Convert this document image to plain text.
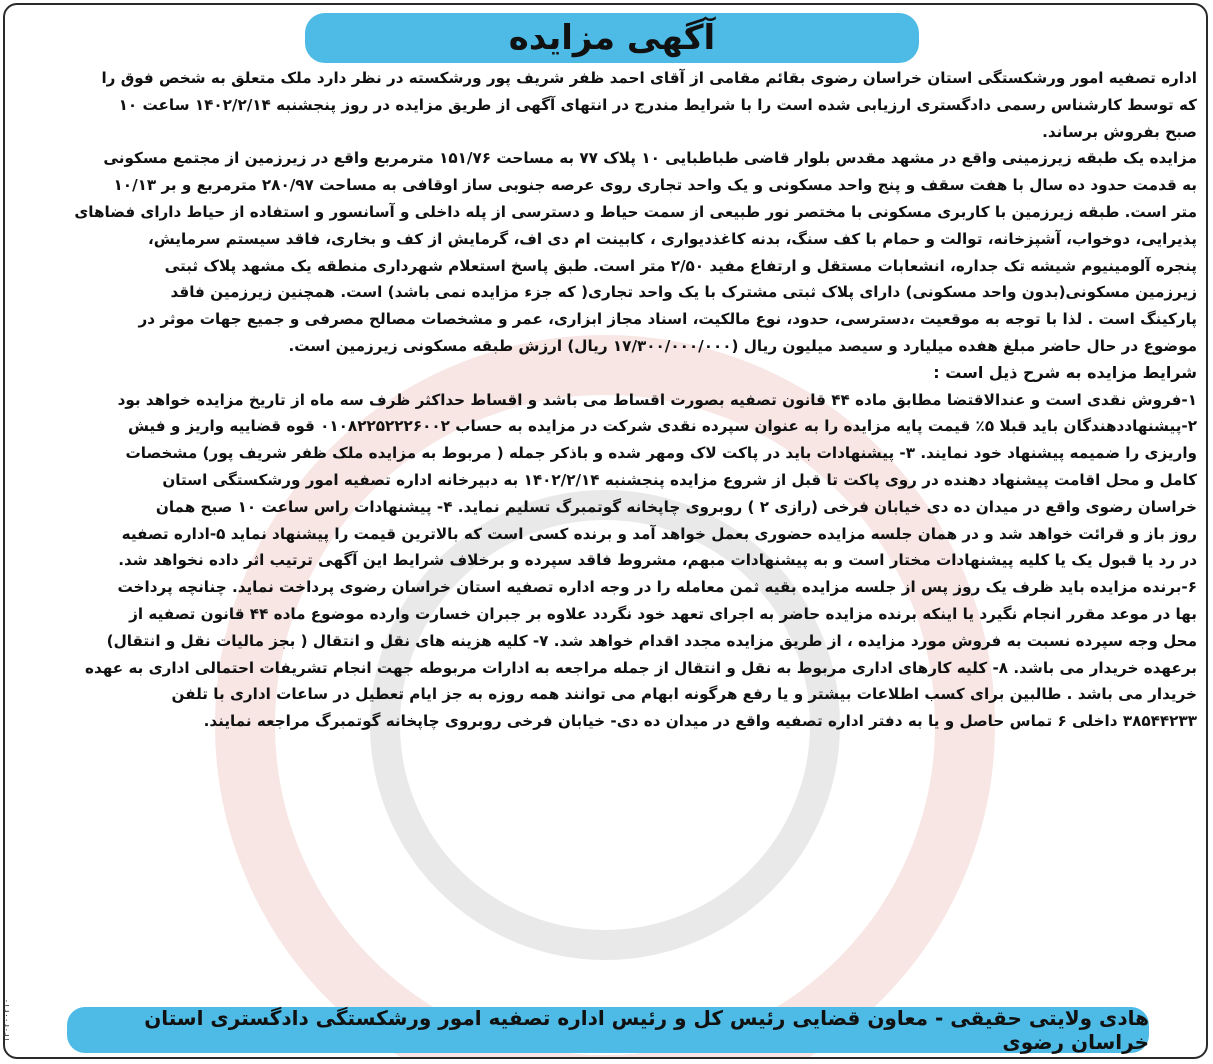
آگهی مزایده
اداره تصفیه امور ورشکستگی استان خراسان رضوی بقائم مقامی از آقای احمد ظفر شریف پور ورشکسته در نظر دارد ملک متعلق به شخص فوق را
که توسط کارشناس رسمی دادگستری ارزیابی شده است را با شرایط مندرج در انتهای آگهی از طریق مزایده در روز پنجشنبه ۱۴۰۲/۲/۱۴ ساعت ۱۰
صبح بفروش برساند.
مزایده یک طبقه زیرزمینی واقع در مشهد مقدس بلوار قاضی طباطبایی ۱۰ پلاک ۷۷ به مساحت ۱۵۱/۷۶ مترمربع واقع در زیرزمین از مجتمع مسکونی
به قدمت حدود ده سال با هفت سقف و پنج واحد مسکونی و یک واحد تجاری روی عرصه جنوبی ساز اوقافی به مساحت ۲۸۰/۹۷ مترمربع و بر ۱۰/۱۳
متر است. طبقه زیرزمین با کاربری مسکونی با مختصر نور طبیعی از سمت حیاط و دسترسی از پله داخلی و آسانسور و استفاده از حیاط دارای فضاهای
پذیرایی، دوخواب، آشپزخانه، توالت و حمام با کف سنگ، بدنه کاغذدیواری ، کابینت ام دی اف، گرمایش از کف و بخاری، فاقد سیستم سرمایش،
پنجره آلومینیوم شیشه تک جداره، انشعابات مستقل و ارتفاع مفید ۲/۵۰ متر است. طبق پاسخ استعلام شهرداری منطقه یک مشهد پلاک ثبتی
زیرزمین مسکونی(بدون واحد مسکونی) دارای پلاک ثبتی مشترک با یک واحد تجاری( که جزء مزایده نمی باشد) است. همچنین زیرزمین فاقد
پارکینگ است . لذا با توجه به موقعیت ،دسترسی، حدود، نوع مالکیت، اسناد مجاز ابزاری، عمر و مشخصات مصالح مصرفی و جمیع جهات موثر در
موضوع در حال حاضر مبلغ هفده میلیارد و سیصد میلیون ریال (۱۷/۳۰۰/۰۰۰/۰۰۰ ریال) ارزش طبقه مسکونی زیرزمین است.
شرایط مزایده به شرح ذیل است :
۱-فروش نقدی است و عندالاقتضا مطابق ماده ۴۴ قانون تصفیه بصورت اقساط می باشد و اقساط حداکثر ظرف سه ماه از تاریخ مزایده خواهد بود
۲-پیشنهاددهندگان باید قبلا ۵٪ قیمت پایه مزایده را به عنوان سپرده نقدی شرکت در مزایده به حساب ۰۱۰۸۲۲۵۲۲۲۶۰۰۲ قوه قضاییه واریز و فیش
واریزی را ضمیمه پیشنهاد خود نمایند. ۳- پیشنهادات باید در پاکت لاک ومهر شده و باذکر جمله ( مربوط به مزایده ملک ظفر شریف پور) مشخصات
کامل و محل اقامت پیشنهاد دهنده در روی پاکت تا قبل از شروع مزایده پنجشنبه ۱۴۰۲/۲/۱۴ به دبیرخانه اداره تصفیه امور ورشکستگی استان
خراسان رضوی واقع در میدان ده دی خیابان فرخی (رازی ۲ ) روبروی چاپخانه گوتمبرگ تسلیم نماید. ۴- پیشنهادات راس ساعت ۱۰ صبح همان
روز باز و قرائت خواهد شد و در همان جلسه مزایده حضوری بعمل خواهد آمد و برنده کسی است که بالاترین قیمت را پیشنهاد نماید ۵-اداره تصفیه
در رد یا قبول یک یا کلیه پیشنهادات مختار است و به پیشنهادات مبهم، مشروط فاقد سپرده و برخلاف شرایط این آگهی ترتیب اثر داده نخواهد شد.
۶-برنده مزایده باید ظرف یک روز پس از جلسه مزایده بقیه ثمن معامله را در وجه اداره تصفیه استان خراسان رضوی پرداخت نماید. چنانچه پرداخت
بها در موعد مقرر انجام نگیرد یا اینکه برنده مزایده حاضر به اجرای تعهد خود نگردد علاوه بر جبران خسارت وارده موضوع ماده ۴۴ قانون تصفیه از
محل وجه سپرده نسبت به فروش مورد مزایده ، از طریق مزایده مجدد اقدام خواهد شد. ۷- کلیه هزینه های نقل و انتقال ( بجز مالیات نقل و انتقال)
برعهده خریدار می باشد. ۸- کلیه کارهای اداری مربوط به نقل و انتقال از جمله مراجعه به ادارات مربوطه جهت انجام تشریفات احتمالی اداری به عهده
خریدار می باشد . طالبین برای کسب اطلاعات بیشتر و یا رفع هرگونه ابهام می توانند همه روزه به جز ایام تعطیل در ساعات اداری با تلفن
۳۸۵۴۴۲۳۳ داخلی ۶ تماس حاصل و یا به دفتر اداره تصفیه واقع در میدان ده دی- خیابان فرخی روبروی چاپخانه گوتمبرگ مراجعه نمایند.
هادی ولایتی حقیقی - معاون قضایی رئیس کل و رئیس اداره تصفیه امور ورشکستگی دادگستری استان خراسان رضوی
۱۴۰۲۰۰۲۱۰
